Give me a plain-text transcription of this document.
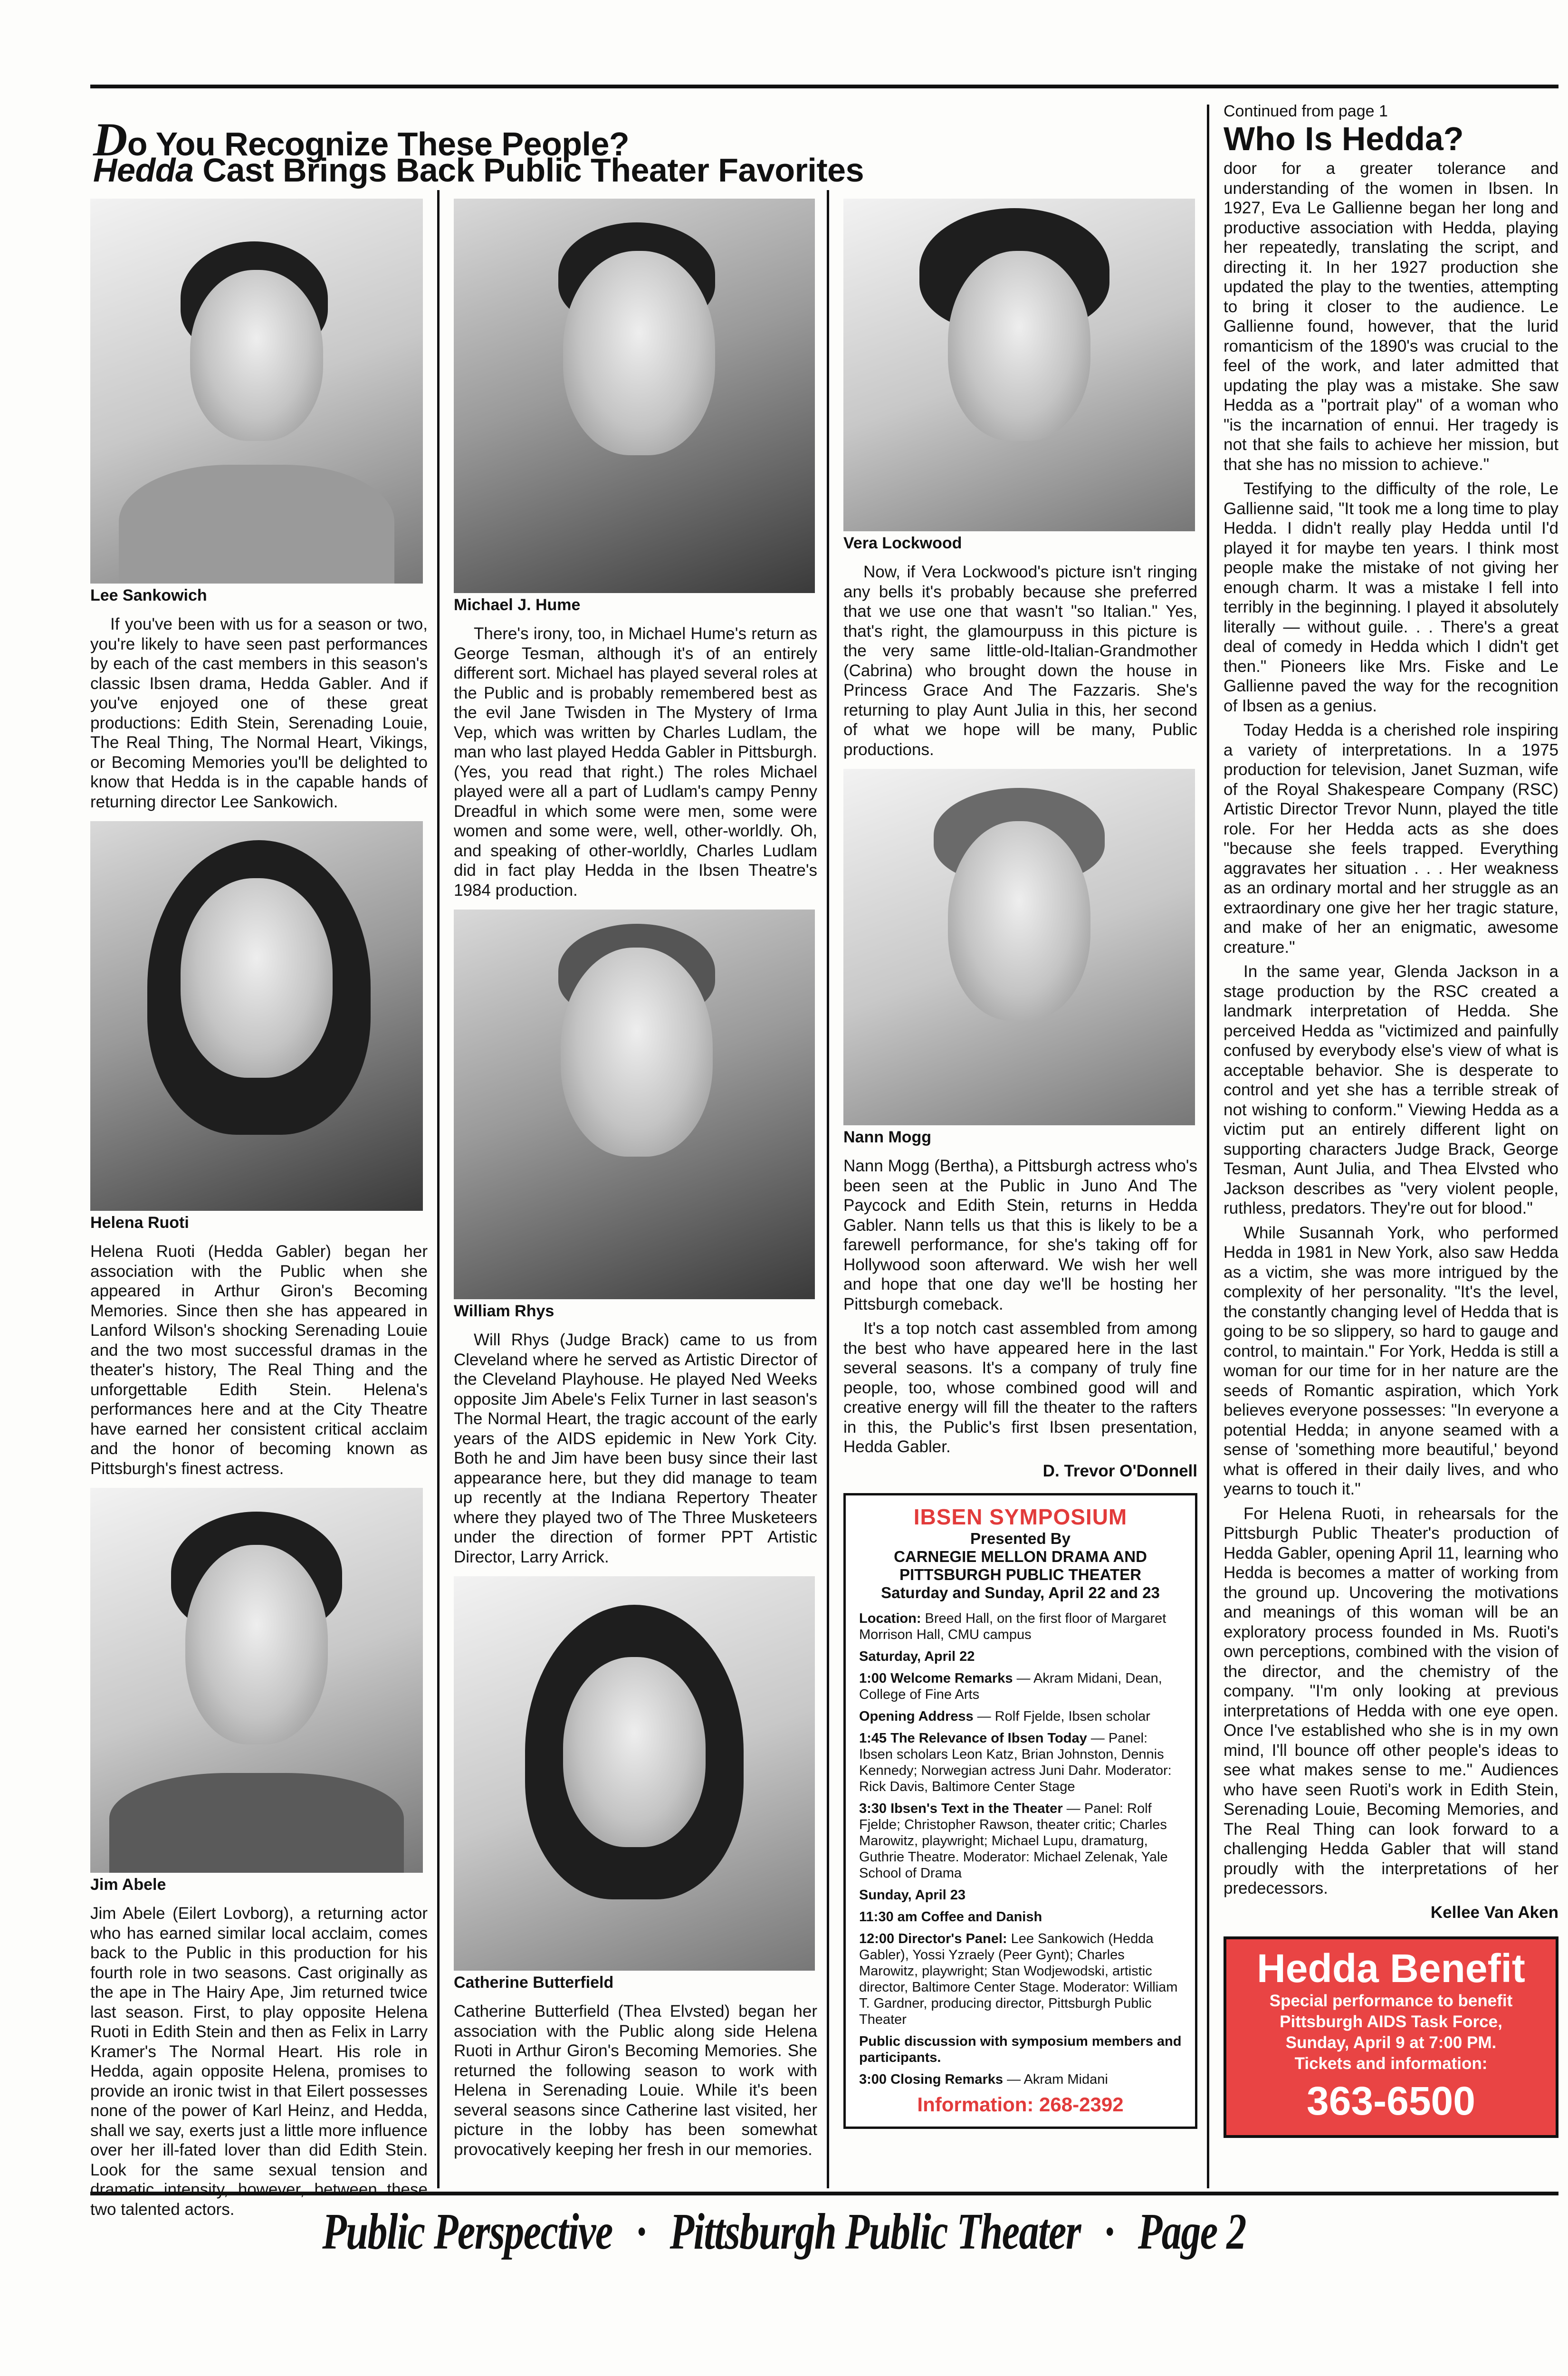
Do You Recognize These People?
Hedda Cast Brings Back Public Theater Favorites
Lee Sankowich

If you've been with us for a season or two, you're likely to have seen past performances by each of the cast members in this season's classic Ibsen drama, Hedda Gabler. And if you've enjoyed one of these great productions: Edith Stein, Serenading Louie, The Real Thing, The Normal Heart, Vikings, or Becoming Memories you'll be delighted to know that Hedda is in the capable hands of returning director Lee Sankowich.

Helena Ruoti

Helena Ruoti (Hedda Gabler) began her association with the Public when she appeared in Arthur Giron's Becoming Memories. Since then she has appeared in Lanford Wilson's shocking Serenading Louie and the two most successful dramas in the theater's history, The Real Thing and the unforgettable Edith Stein. Helena's performances here and at the City Theatre have earned her consistent critical acclaim and the honor of becoming known as Pittsburgh's finest actress.

Jim Abele

Jim Abele (Eilert Lovborg), a returning actor who has earned similar local acclaim, comes back to the Public in this production for his fourth role in two seasons. Cast originally as the ape in The Hairy Ape, Jim returned twice last season. First, to play opposite Helena Ruoti in Edith Stein and then as Felix in Larry Kramer's The Normal Heart. His role in Hedda, again opposite Helena, promises to provide an ironic twist in that Eilert possesses none of the power of Karl Heinz, and Hedda, shall we say, exerts just a little more influence over her ill-fated lover than did Edith Stein. Look for the same sexual tension and dramatic intensity, however, between these two talented actors.

Michael J. Hume

There's irony, too, in Michael Hume's return as George Tesman, although it's of an entirely different sort. Michael has played several roles at the Public and is probably remembered best as the evil Jane Twisden in The Mystery of Irma Vep, which was written by Charles Ludlam, the man who last played Hedda Gabler in Pittsburgh. (Yes, you read that right.) The roles Michael played were all a part of Ludlam's campy Penny Dreadful in which some were men, some were women and some were, well, other-worldly. Oh, and speaking of other-worldly, Charles Ludlam did in fact play Hedda in the Ibsen Theatre's 1984 production.

William Rhys

Will Rhys (Judge Brack) came to us from Cleveland where he served as Artistic Director of the Cleveland Playhouse. He played Ned Weeks opposite Jim Abele's Felix Turner in last season's The Normal Heart, the tragic account of the early years of the AIDS epidemic in New York City. Both he and Jim have been busy since their last appearance here, but they did manage to team up recently at the Indiana Repertory Theater where they played two of The Three Musketeers under the direction of former PPT Artistic Director, Larry Arrick.

Catherine Butterfield

Catherine Butterfield (Thea Elvsted) began her association with the Public along side Helena Ruoti in Arthur Giron's Becoming Memories. She returned the following season to work with Helena in Serenading Louie. While it's been several seasons since Catherine last visited, her picture in the lobby has been somewhat provocatively keeping her fresh in our memories.

Vera Lockwood

Now, if Vera Lockwood's picture isn't ringing any bells it's probably because she preferred that we use one that wasn't "so Italian." Yes, that's right, the glamourpuss in this picture is the very same little-old-Italian-Grandmother (Cabrina) who brought down the house in Princess Grace And The Fazzaris. She's returning to play Aunt Julia in this, her second of what we hope will be many, Public productions.

Nann Mogg

Nann Mogg (Bertha), a Pittsburgh actress who's been seen at the Public in Juno And The Paycock and Edith Stein, returns in Hedda Gabler. Nann tells us that this is likely to be a farewell performance, for she's taking off for Hollywood soon afterward. We wish her well and hope that one day we'll be hosting her Pittsburgh comeback.

It's a top notch cast assembled from among the best who have appeared here in the last several seasons. It's a company of truly fine people, too, whose combined good will and creative energy will fill the theater to the rafters in this, the Public's first Ibsen presentation, Hedda Gabler.

D. Trevor O'Donnell
IBSEN SYMPOSIUM
Presented By
CARNEGIE MELLON DRAMA AND PITTSBURGH PUBLIC THEATER
Saturday and Sunday, April 22 and 23
Location: Breed Hall, on the first floor of Margaret Morrison Hall, CMU campus
Saturday, April 22
1:00 Welcome Remarks — Akram Midani, Dean, College of Fine Arts
Opening Address — Rolf Fjelde, Ibsen scholar
1:45 The Relevance of Ibsen Today — Panel: Ibsen scholars Leon Katz, Brian Johnston, Dennis Kennedy; Norwegian actress Juni Dahr. Moderator: Rick Davis, Baltimore Center Stage
3:30 Ibsen's Text in the Theater — Panel: Rolf Fjelde; Christopher Rawson, theater critic; Charles Marowitz, playwright; Michael Lupu, dramaturg, Guthrie Theatre. Moderator: Michael Zelenak, Yale School of Drama
Sunday, April 23
11:30 am Coffee and Danish
12:00 Director's Panel: Lee Sankowich (Hedda Gabler), Yossi Yzraely (Peer Gynt); Charles Marowitz, playwright; Stan Wodjewodski, artistic director, Baltimore Center Stage. Moderator: William T. Gardner, producing director, Pittsburgh Public Theater
Public discussion with symposium members and participants.
3:00 Closing Remarks — Akram Midani
Information: 268-2392
Continued from page 1
Who Is Hedda?

door for a greater tolerance and understanding of the women in Ibsen. In 1927, Eva Le Gallienne began her long and productive association with Hedda, playing her repeatedly, translating the script, and directing it. In her 1927 production she updated the play to the twenties, attempting to bring it closer to the audience. Le Gallienne found, however, that the lurid romanticism of the 1890's was crucial to the feel of the work, and later admitted that updating the play was a mistake. She saw Hedda as a "portrait play" of a woman who "is the incarnation of ennui. Her tragedy is not that she fails to achieve her mission, but that she has no mission to achieve."

Testifying to the difficulty of the role, Le Gallienne said, "It took me a long time to play Hedda. I didn't really play Hedda until I'd played it for maybe ten years. I think most people make the mistake of not giving her enough charm. It was a mistake I fell into terribly in the beginning. I played it absolutely literally — without guile. . . There's a great deal of comedy in Hedda which I didn't get then." Pioneers like Mrs. Fiske and Le Gallienne paved the way for the recognition of Ibsen as a genius.

Today Hedda is a cherished role inspiring a variety of interpretations. In a 1975 production for television, Janet Suzman, wife of the Royal Shakespeare Company (RSC) Artistic Director Trevor Nunn, played the title role. For her Hedda acts as she does "because she feels trapped. Everything aggravates her situation . . . Her weakness as an ordinary mortal and her struggle as an extraordinary one give her her tragic stature, and make of her an enigmatic, awesome creature."

In the same year, Glenda Jackson in a stage production by the RSC created a landmark interpretation of Hedda. She perceived Hedda as "victimized and painfully confused by everybody else's view of what is acceptable behavior. She is desperate to control and yet she has a terrible streak of not wishing to conform." Viewing Hedda as a victim put an entirely different light on supporting characters Judge Brack, George Tesman, Aunt Julia, and Thea Elvsted who Jackson describes as "very violent people, ruthless, predators. They're out for blood."

While Susannah York, who performed Hedda in 1981 in New York, also saw Hedda as a victim, she was more intrigued by the complexity of her personality. "It's the level, the constantly changing level of Hedda that is going to be so slippery, so hard to gauge and control, to maintain." For York, Hedda is still a woman for our time for in her nature are the seeds of Romantic aspiration, which York believes everyone possesses: "In everyone a potential Hedda; in anyone seamed with a sense of 'something more beautiful,' beyond what is offered in their daily lives, and who yearns to touch it."

For Helena Ruoti, in rehearsals for the Pittsburgh Public Theater's production of Hedda Gabler, opening April 11, learning who Hedda is becomes a matter of working from the ground up. Uncovering the motivations and meanings of this woman will be an exploratory process founded in Ms. Ruoti's own perceptions, combined with the vision of the director, and the chemistry of the company. "I'm only looking at previous interpretations of Hedda with one eye open. Once I've established who she is in my own mind, I'll bounce off other people's ideas to see what makes sense to me." Audiences who have seen Ruoti's work in Edith Stein, Serenading Louie, Becoming Memories, and The Real Thing can look forward to a challenging Hedda Gabler that will stand proudly with the interpretations of her predecessors.

Kellee Van Aken
Hedda Benefit
Special performance to benefit
Pittsburgh AIDS Task Force,
Sunday, April 9 at 7:00 PM.
Tickets and information:
363-6500
Public Perspective · Pittsburgh Public Theater · Page 2
